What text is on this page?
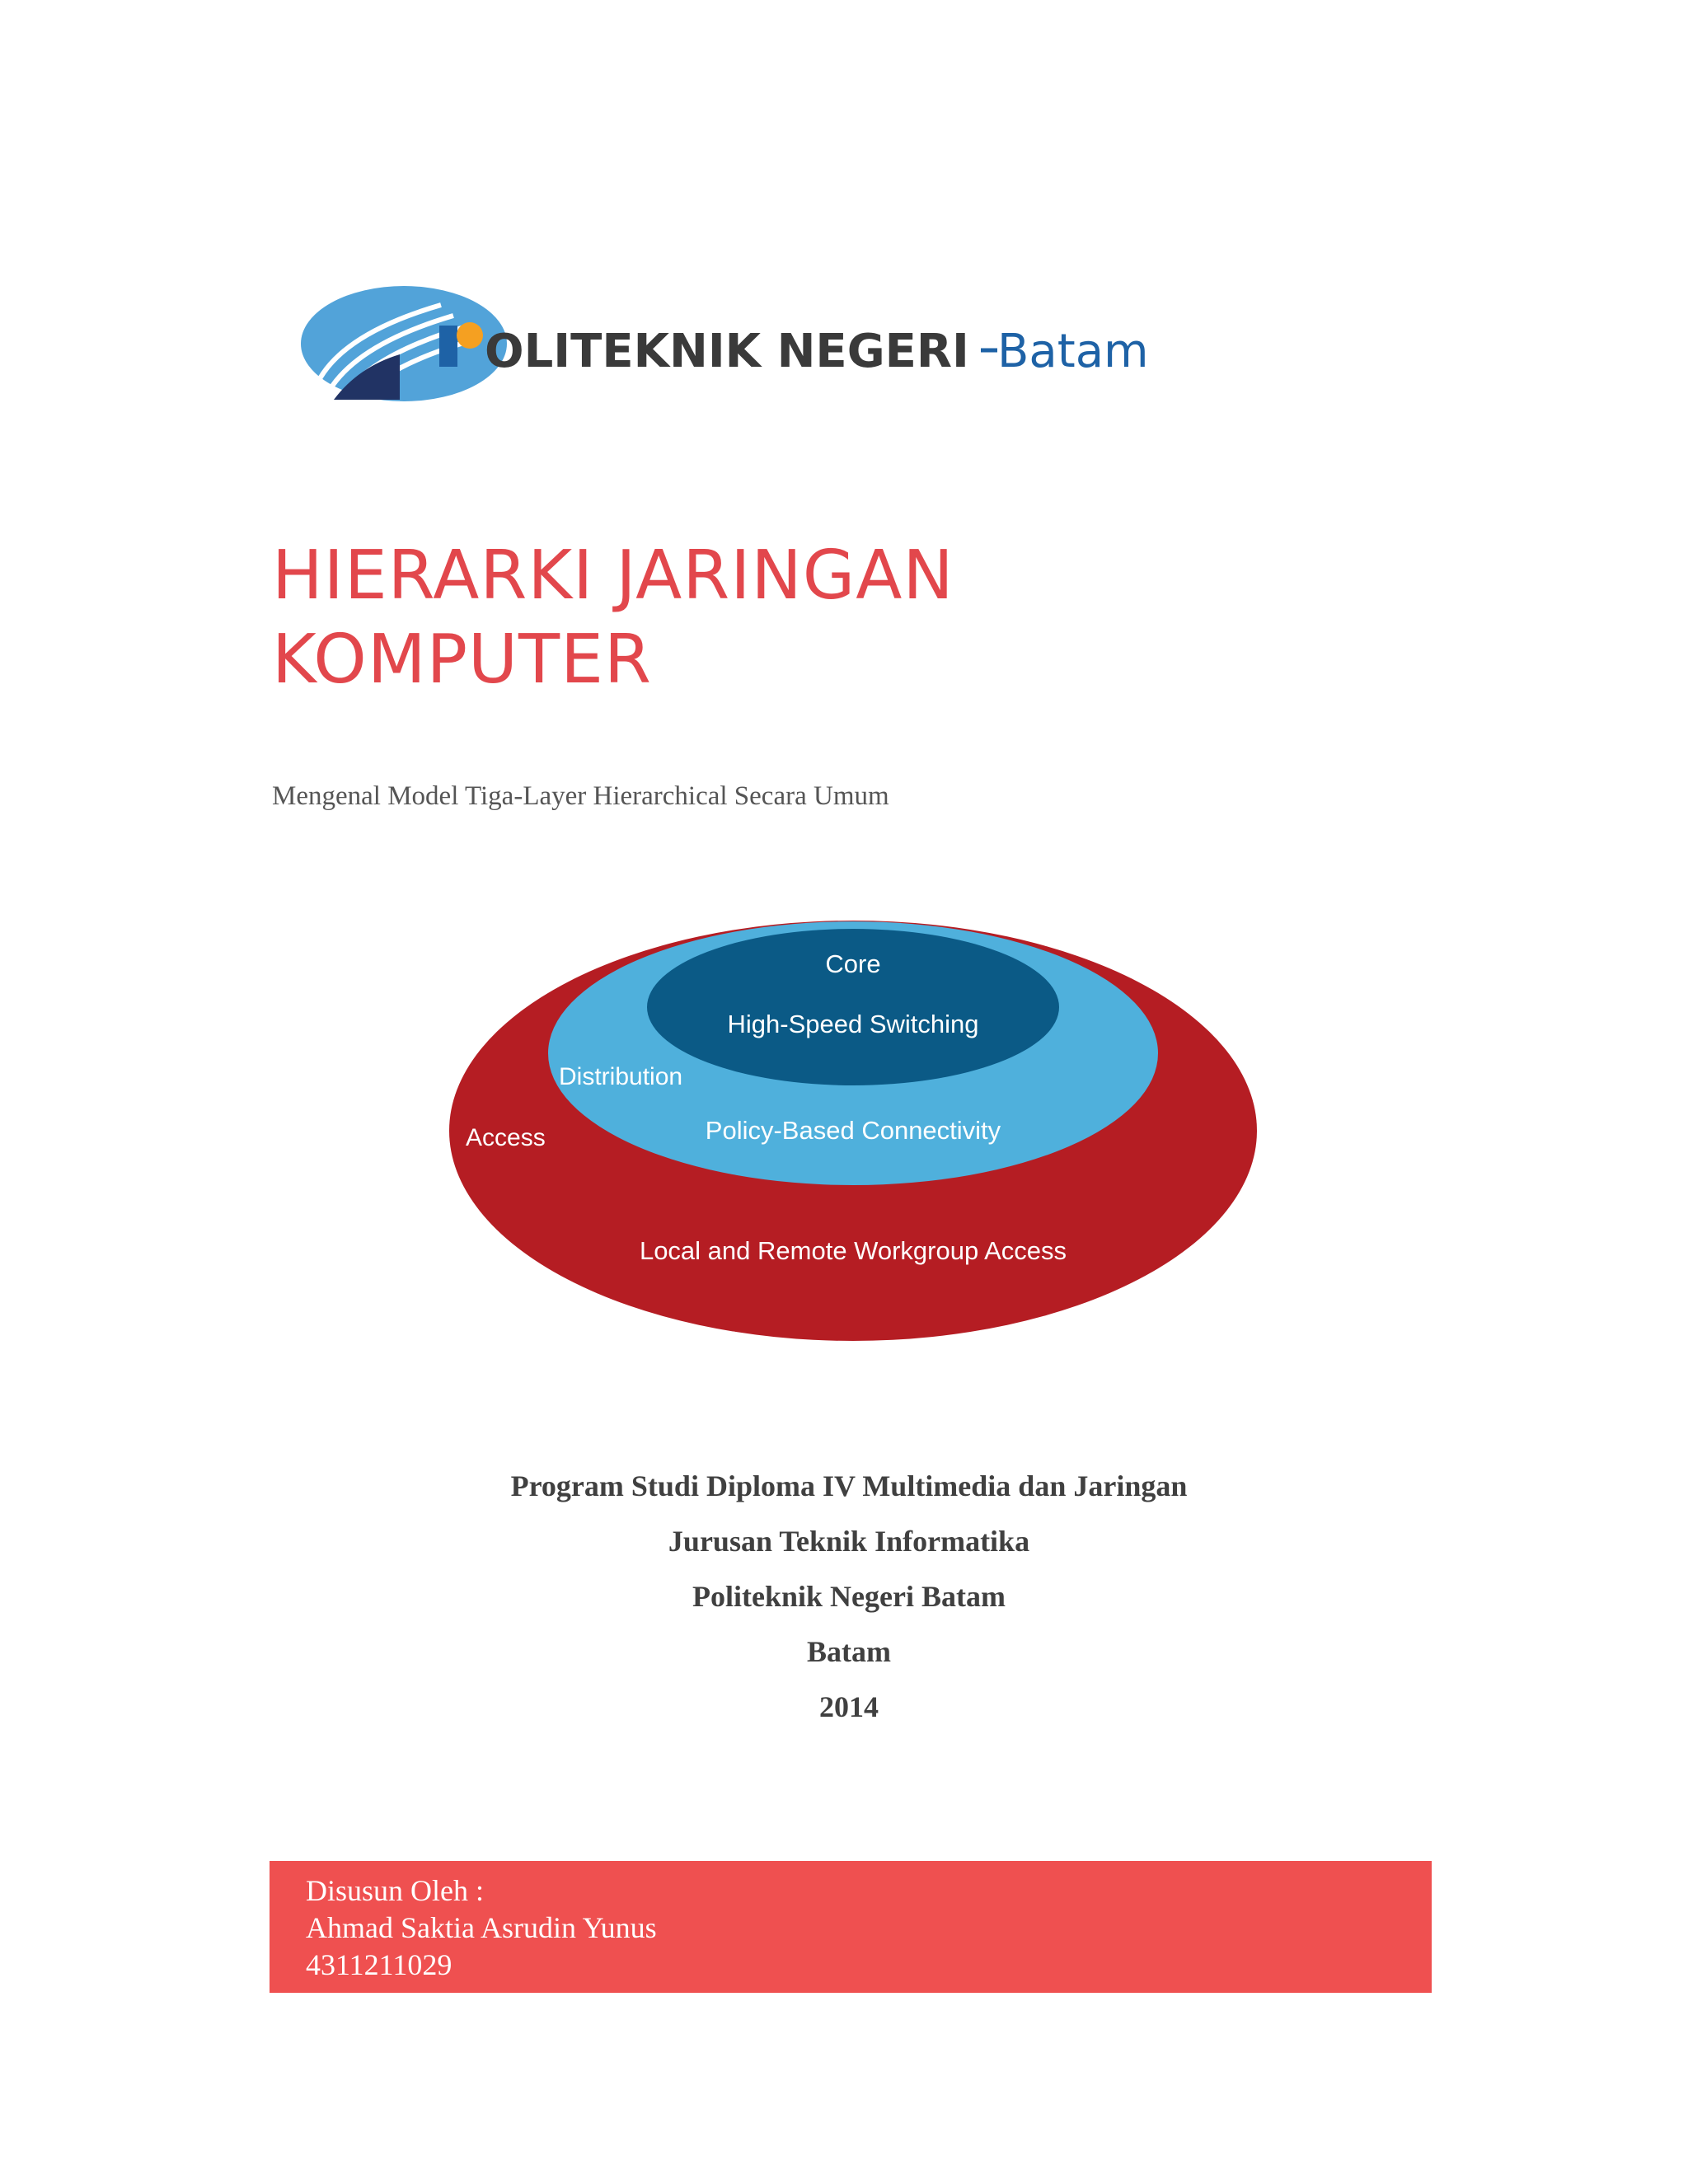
OLITEKNIK NEGERI Batam
HIERARKI JARINGAN
KOMPUTER
Mengenal Model Tiga-Layer Hierarchical Secara Umum
Core
High-Speed Switching
Distribution
Policy-Based Connectivity
Access
Local and Remote Workgroup Access
Program Studi Diploma IV Multimedia dan Jaringan
Jurusan Teknik Informatika
Politeknik Negeri Batam
Batam
2014
Disusun Oleh :
Ahmad Saktia Asrudin Yunus
4311211029
